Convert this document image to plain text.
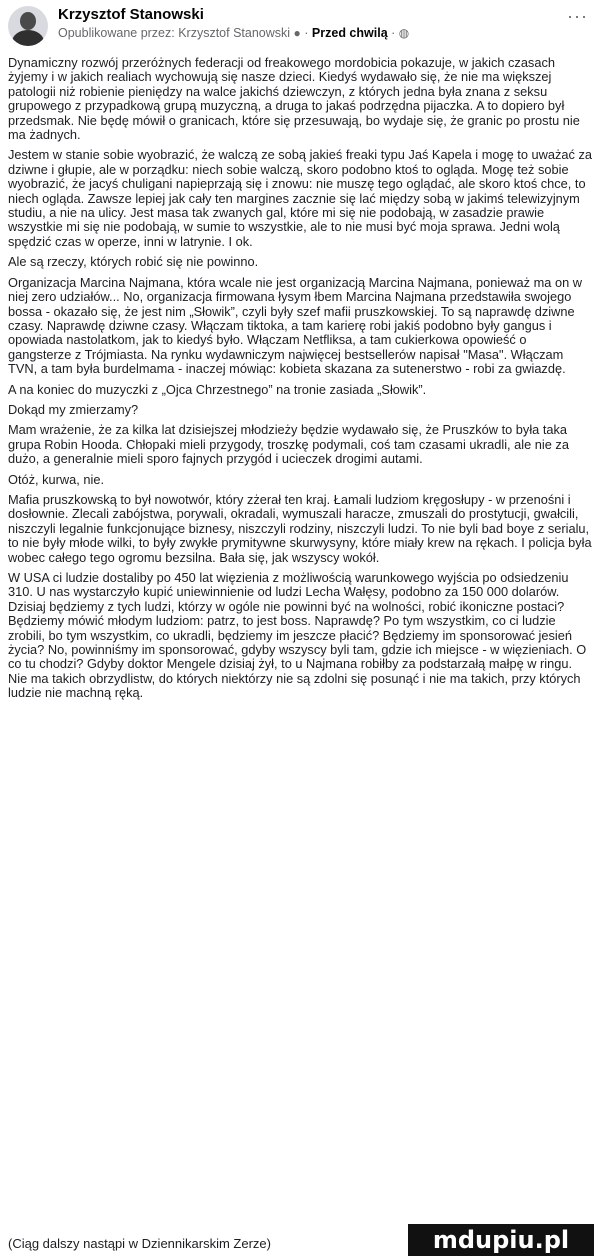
Krzysztof Stanowski
Opublikowane przez: Krzysztof Stanowski ● · Przed chwilą · ◍
···

Dynamiczny rozwój przeróżnych federacji od freakowego mordobicia pokazuje, w jakich czasach żyjemy i w jakich realiach wychowują się nasze dzieci. Kiedyś wydawało się, że nie ma większej patologii niż robienie pieniędzy na walce jakichś dziewczyn, z których jedna była znana z seksu grupowego z przypadkową grupą muzyczną, a druga to jakaś podrzędna pijaczka. A to dopiero był przedsmak. Nie będę mówił o granicach, które się przesuwają, bo wydaje się, że granic po prostu nie ma żadnych.

Jestem w stanie sobie wyobrazić, że walczą ze sobą jakieś freaki typu Jaś Kapela i mogę to uważać za dziwne i głupie, ale w porządku: niech sobie walczą, skoro podobno ktoś to ogląda. Mogę też sobie wyobrazić, że jacyś chuligani napieprzają się i znowu: nie muszę tego oglądać, ale skoro ktoś chce, to niech ogląda. Zawsze lepiej jak cały ten margines zacznie się lać między sobą w jakimś telewizyjnym studiu, a nie na ulicy. Jest masa tak zwanych gal, które mi się nie podobają, w zasadzie prawie wszystkie mi się nie podobają, w sumie to wszystkie, ale to nie musi być moja sprawa. Jedni wolą spędzić czas w operze, inni w latrynie. I ok.

Ale są rzeczy, których robić się nie powinno.

Organizacja Marcina Najmana, która wcale nie jest organizacją Marcina Najmana, ponieważ ma on w niej zero udziałów... No, organizacja firmowana łysym łbem Marcina Najmana przedstawiła swojego bossa - okazało się, że jest nim „Słowik”, czyli były szef mafii pruszkowskiej. To są naprawdę dziwne czasy. Naprawdę dziwne czasy. Włączam tiktoka, a tam karierę robi jakiś podobno były gangus i opowiada nastolatkom, jak to kiedyś było. Włączam Netfliksa, a tam cukierkowa opowieść o gangsterze z Trójmiasta. Na rynku wydawniczym najwięcej bestsellerów napisał "Masa". Włączam TVN, a tam była burdelmama - inaczej mówiąc: kobieta skazana za sutenerstwo - robi za gwiazdę.

A na koniec do muzyczki z „Ojca Chrzestnego” na tronie zasiada „Słowik”.

Dokąd my zmierzamy?

Mam wrażenie, że za kilka lat dzisiejszej młodzieży będzie wydawało się, że Pruszków to była taka grupa Robin Hooda. Chłopaki mieli przygody, troszkę podymali, coś tam czasami ukradli, ale nie za dużo, a generalnie mieli sporo fajnych przygód i ucieczek drogimi autami.

Otóż, kurwa, nie.

Mafia pruszkowską to był nowotwór, który zżerał ten kraj. Łamali ludziom kręgosłupy - w przenośni i dosłownie. Zlecali zabójstwa, porywali, okradali, wymuszali haracze, zmuszali do prostytucji, gwałcili, niszczyli legalnie funkcjonujące biznesy, niszczyli rodziny, niszczyli ludzi. To nie byli bad boye z serialu, to nie były młode wilki, to były zwykłe prymitywne skurwysyny, które miały krew na rękach. I policja była wobec całego tego ogromu bezsilna. Bała się, jak wszyscy wokół.

W USA ci ludzie dostaliby po 450 lat więzienia z możliwością warunkowego wyjścia po odsiedzeniu 310. U nas wystarczyło kupić uniewinnienie od ludzi Lecha Wałęsy, podobno za 150 000 dolarów. Dzisiaj będziemy z tych ludzi, którzy w ogóle nie powinni być na wolności, robić ikoniczne postaci? Będziemy mówić młodym ludziom: patrz, to jest boss. Naprawdę? Po tym wszystkim, co ci ludzie zrobili, bo tym wszystkim, co ukradli, będziemy im jeszcze płacić? Będziemy im sponsorować jesień życia? No, powinniśmy im sponsorować, gdyby wszyscy byli tam, gdzie ich miejsce - w więzieniach. O co tu chodzi? Gdyby doktor Mengele dzisiaj żył, to u Najmana robiłby za podstarzałą małpę w ringu. Nie ma takich obrzydlistw, do których niektórzy nie są zdolni się posunąć i nie ma takich, przy których ludzie nie machną ręką.

(Ciąg dalszy nastąpi w Dziennikarskim Zerze)	mdupiu.pl
